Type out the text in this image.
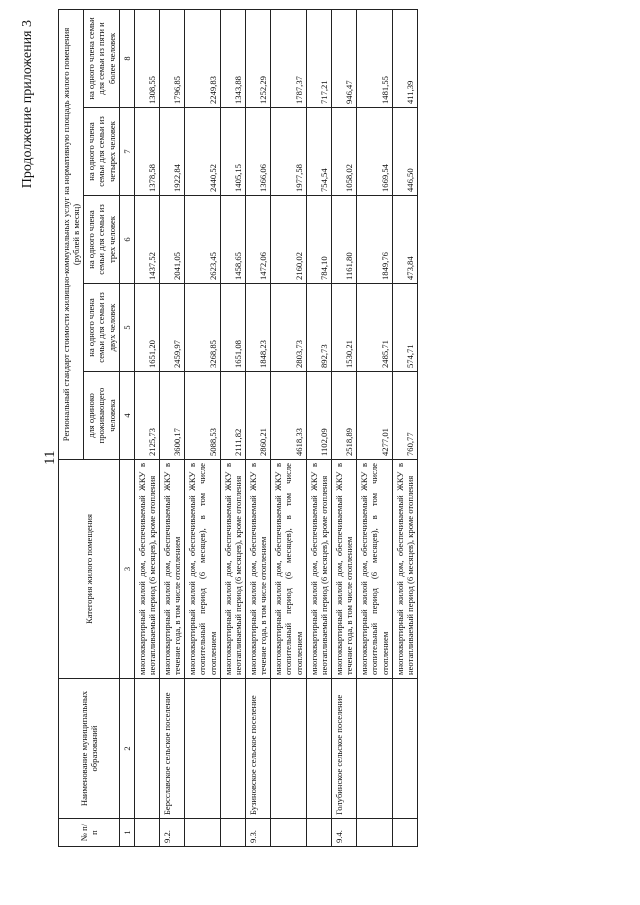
11
Продолжение приложения 3
№ п/п	Наименование муниципальных образований	Категория жилого помещения	Региональный стандарт стоимости жилищно-коммунальных услуг на нормативную площадь жилого помещения (рублей в месяц)				
			для одиноко проживающего человека	на одного члена семьи для семьи из двух человек	на одного члена семьи для семьи из трех человек	на одного члена семьи для семьи из четырех человек	на одного члена семьи для семьи из пяти и более человек
1	2	3	4	5	6	7	8
		многоквартирный жилой дом, обеспечиваемый ЖКУ в неотапливаемый период (6 месяцев), кроме отопления	2125,73	1651,20	1437,52	1378,58	1308,55
9.2.	Берсславское сельское поселение	многоквартирный жилой дом, обеспечиваемый ЖКУ в течение года, в том числе отоплением	3600,17	2459,97	2041,05	1922,84	1796,85
		многоквартирный жилой дом, обеспечиваемый ЖКУ в отопительный период (6 месяцев), в том числе отоплением	5088,53	3268,85	2623,45	2440,52	2249,83
		многоквартирный жилой дом, обеспечиваемый ЖКУ в неотапливаемый период (6 месяцев), кроме отопления	2111,82	1651,08	1458,65	1405,15	1343,88
9.3.	Бузиновское сельское поселение	многоквартирный жилой дом, обеспечиваемый ЖКУ в течение года, в том числе отоплением	2860,21	1848,23	1472,06	1366,06	1252,29
		многоквартирный жилой дом, обеспечиваемый ЖКУ в отопительный период (6 месяцев), в том числе отоплением	4618,33	2803,73	2160,02	1977,58	1787,37
		многоквартирный жилой дом, обеспечиваемый ЖКУ в неотапливаемый период (6 месяцев), кроме отопления	1102,09	892,73	784,10	754,54	717,21
9.4.	Голубинское сельское поселение	многоквартирный жилой дом, обеспечиваемый ЖКУ в течение года, в том числе отоплением	2518,89	1530,21	1161,80	1058,02	946,47
		многоквартирный жилой дом, обеспечиваемый ЖКУ в отопительный период (6 месяцев), в том числе отоплением	4277,01	2485,71	1849,76	1669,54	1481,55
		многоквартирный жилой дом, обеспечиваемый ЖКУ в неотапливаемый период (6 месяцев), кроме отопления	760,77	574,71	473,84	446,50	411,39
